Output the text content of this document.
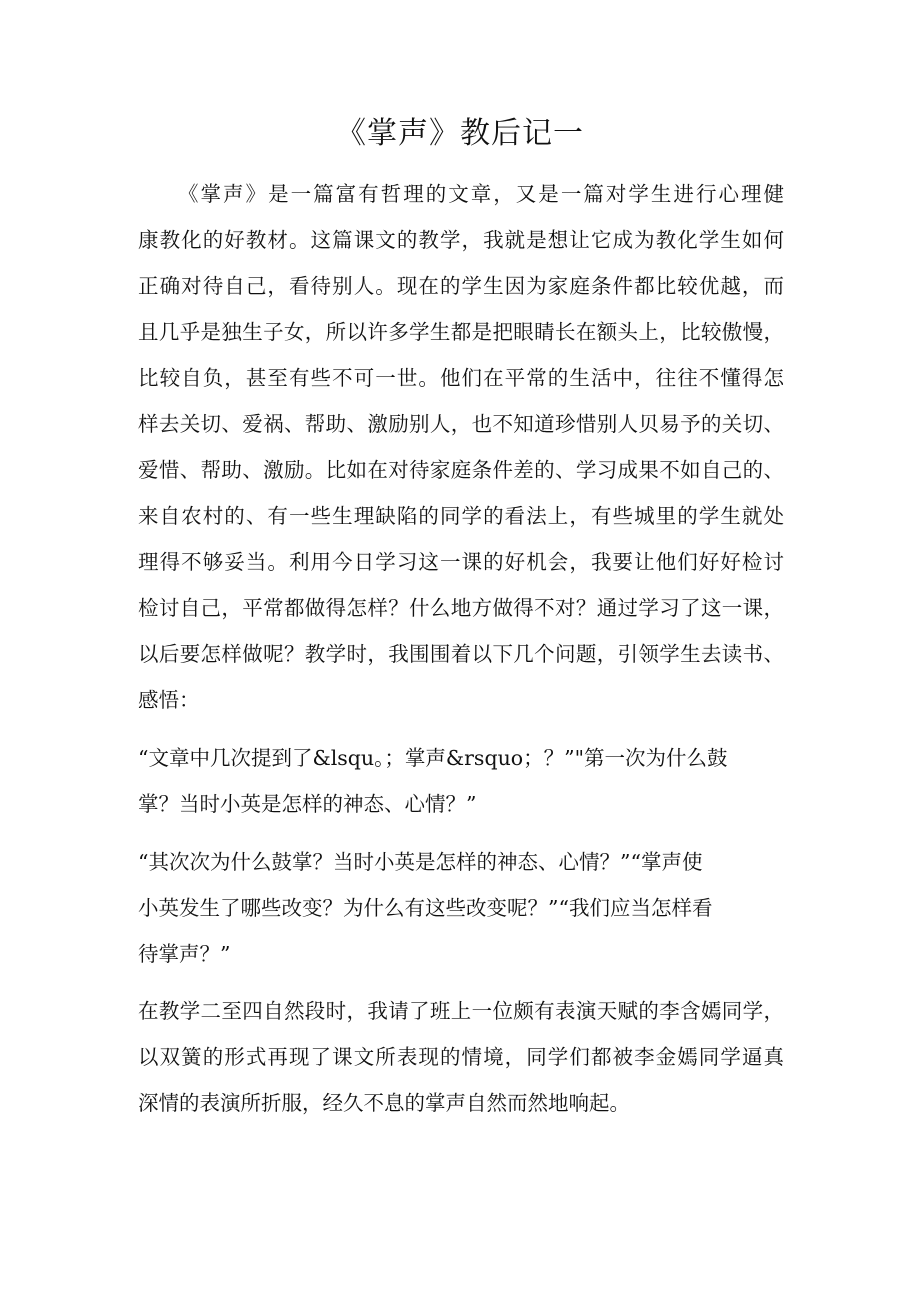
《掌声》教后记一

《掌声》是一篇富有哲理的文章，又是一篇对学生进行心理健

康教化的好教材。这篇课文的教学，我就是想让它成为教化学生如何

正确对待自己，看待别人。现在的学生因为家庭条件都比较优越，而

且几乎是独生子女，所以许多学生都是把眼睛长在额头上，比较傲慢，

比较自负，甚至有些不可一世。他们在平常的生活中，往往不懂得怎

样去关切、爱祸、帮助、激励别人，也不知道珍惜别人贝易予的关切、

爱惜、帮助、激励。比如在对待家庭条件差的、学习成果不如自己的、

来自农村的、有一些生理缺陷的同学的看法上，有些城里的学生就处

理得不够妥当。利用今日学习这一课的好机会，我要让他们好好检讨

检讨自己，平常都做得怎样？什么地方做得不对？通过学习了这一课，

以后要怎样做呢？教学时，我围围着以下几个问题，引领学生去读书、

感悟：

“文章中几次提到了&lsqu。；掌声&rsquo；？”"第一次为什么鼓

掌？当时小英是怎样的神态、心情？”

“其次次为什么鼓掌？当时小英是怎样的神态、心情？”“掌声使

小英发生了哪些改变？为什么有这些改变呢？”“我们应当怎样看

待掌声？”

在教学二至四自然段时，我请了班上一位颇有表演天赋的李含嫣同学，

以双簧的形式再现了课文所表现的情境，同学们都被李金嫣同学逼真

深情的表演所折服，经久不息的掌声自然而然地响起。
